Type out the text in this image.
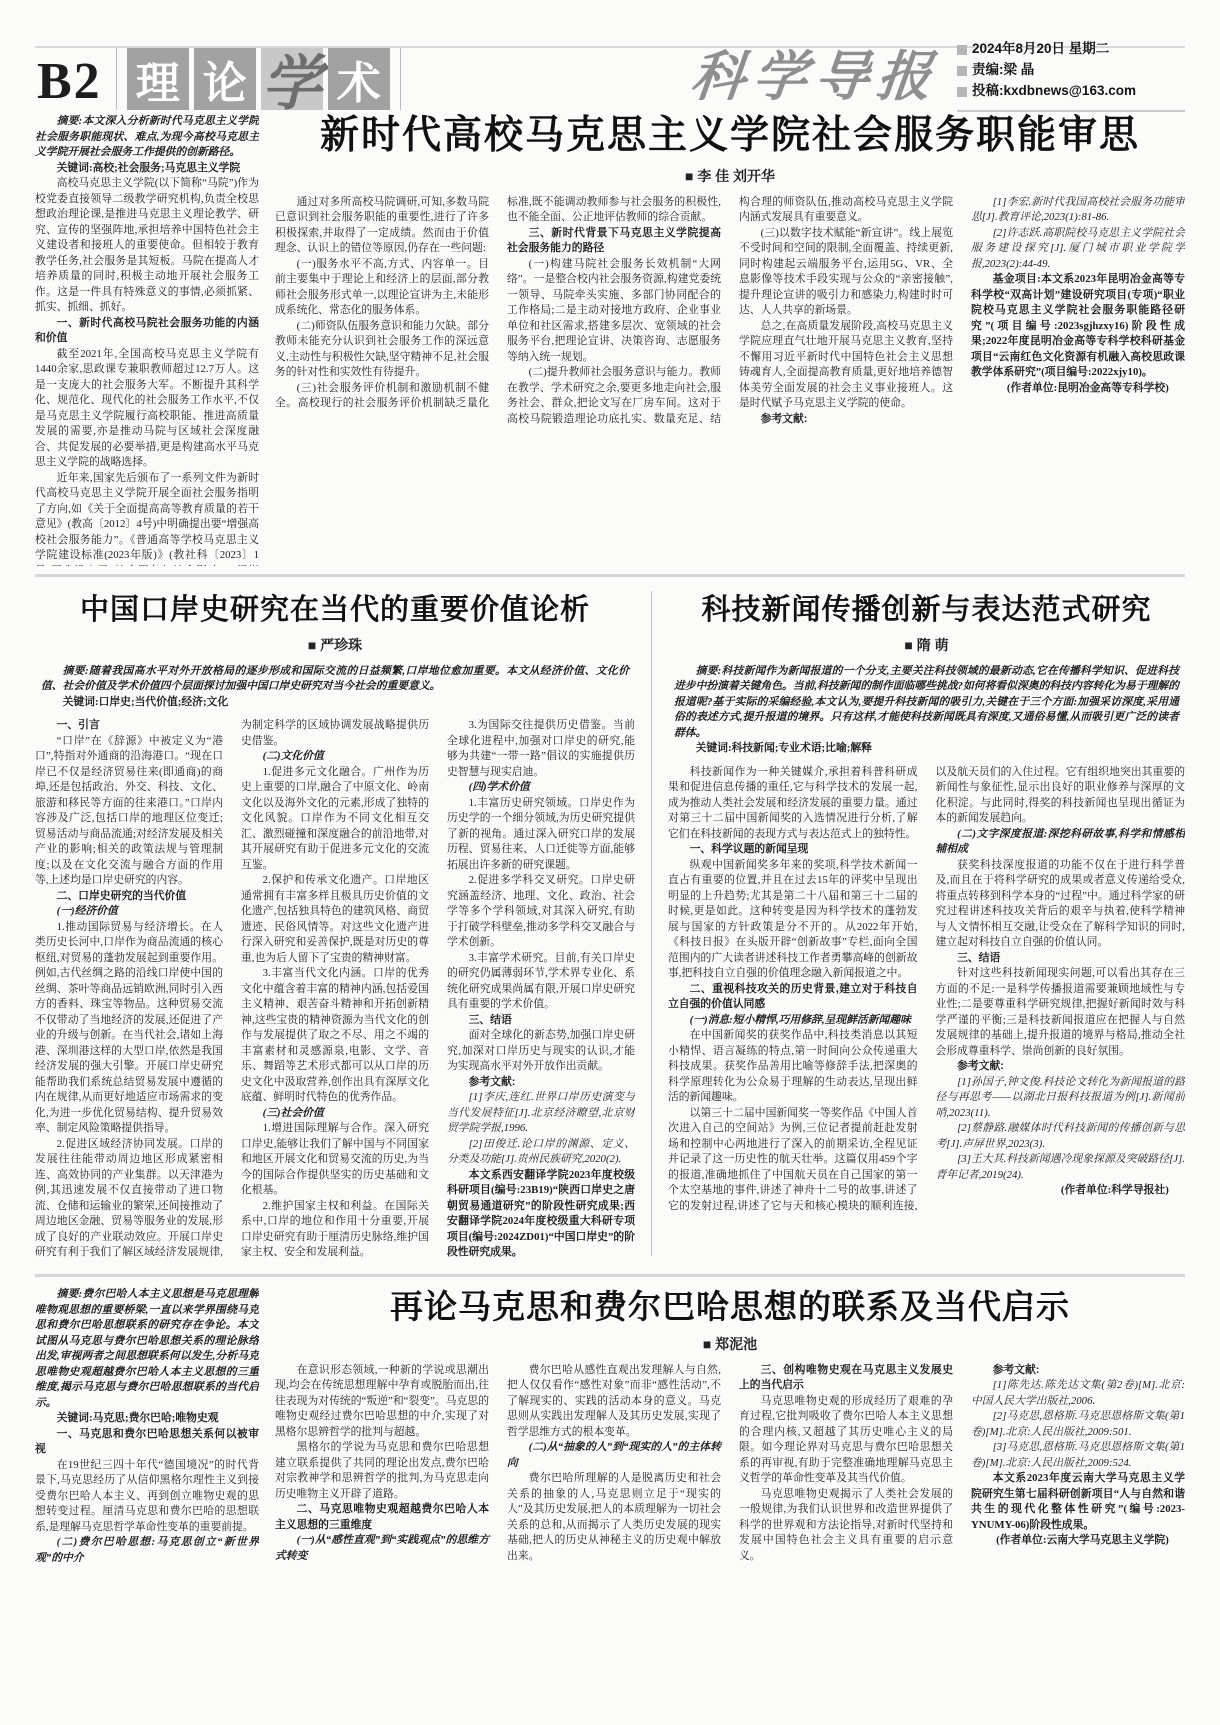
B2 理 论 学 术	科学导报 2024年8月20日 星期二
责编:梁 晶
投稿:kxdbnews@163.com

摘要:本文深入分析新时代马克思主义学院社会服务职能现状、难点,为现今高校马克思主义学院开展社会服务工作提供的创新路径。

关键词:高校;社会服务;马克思主义学院

高校马克思主义学院(以下简称“马院”)作为校党委直接领导二级教学研究机构,负责全校思想政治理论课,是推进马克思主义理论教学、研究、宣传的坚强阵地,承担培养中国特色社会主义建设者和接班人的重要使命。但相较于教育教学任务,社会服务是其短板。马院在提高人才培养质量的同时,积极主动地开展社会服务工作。这是一件具有特殊意义的事情,必须抓紧、抓实、抓细、抓好。

一、新时代高校马院社会服务功能的内涵和价值

截至2021年,全国高校马克思主义学院有1440余家,思政课专兼职教师超过12.7万人。这是一支庞大的社会服务大军。不断提升其科学化、规范化、现代化的社会服务工作水平,不仅是马克思主义学院履行高校职能、推进高质量发展的需要,亦是推动马院与区域社会深度融合、共促发展的必要举措,更是构建高水平马克思主义学院的战略选择。

近年来,国家先后颁布了一系列文件为新时代高校马克思主义学院开展全面社会服务指明了方向,如《关于全面提高高等教育质量的若干意见》(教高〔2012〕4号)中明确提出要“增强高校社会服务能力”。《普通高等学校马克思主义学院建设标准(2023年版)》(教社科〔2023〕1

新时代高校马克思主义学院社会服务职能审思
■ 李 佳 刘开华

通过对多所高校马院调研,可知,多数马院已意识到社会服务职能的重要性,进行了许多积极探索,并取得了一定成绩。然而由于价值理念、认识上的错位等原因,仍存在一些问题:

(一)服务水平不高,方式、内容单一。目前主要集中于理论上和经济上的层面,部分教师社会服务形式单一,以理论宣讲为主,未能形成系统化、常态化的服务体系。

(二)师资队伍服务意识和能力欠缺。部分教师未能充分认识到社会服务工作的深远意义,主动性与积极性欠缺,坚守精神不足,社会服务的针对性和实效性有待提升。

(三)社会服务评价机制和激励机制不健全。高校现行的社会服务评价机制缺乏量化标准,既不能调动教师参与社会服务的积极性,也不能全面、公正地评估教师的综合贡献。

三、新时代背景下马克思主义学院提高社会服务能力的路径

(一)构建马院社会服务长效机制“大网络”。一是整合校内社会服务资源,构建党委统一领导、马院牵头实施、多部门协同配合的工作格局;二是主动对接地方政府、企业事业单位和社区需求,搭建多层次、宽领域的社会服务平台,把理论宣讲、决策咨询、志愿服务等纳入统一规划。

(二)提升教师社会服务意识与能力。教师在教学、学术研究之余,要更多地走向社会,服务社会、群众,把论文写在厂房车间。这对于高校马院锻造理论功底扎实、数量充足、结构合理的师资队伍,推动高校马克思主义学院内涵式发展具有重要意义。

(三)以数字技术赋能“新宣讲”。线上展览不受时间和空间的限制,全面覆盖、持续更新,同时构建起云端服务平台,运用5G、VR、全息影像等技术手段实现与公众的“亲密接触”,提升理论宣讲的吸引力和感染力,构建时时可达、人人共享的新场景。

总之,在高质量发展阶段,高校马克思主义学院应理直气壮地开展马克思主义教育,坚持不懈用习近平新时代中国特色社会主义思想铸魂育人,全面提高教育质量,更好地培养德智体美劳全面发展的社会主义事业接班人。这是时代赋予马克思主义学院的使命。

参考文献:

[1]李宏.新时代我国高校社会服务功能审思[J].教育评论,2023(1):81-86.

[2]许志跃.高职院校马克思主义学院社会服务建设探究[J].厦门城市职业学院学报,2023(2):44-49.

基金项目:本文系2023年昆明冶金高等专科学校“双高计划”建设研究项目(专项)“职业院校马克思主义学院社会服务职能路径研究”(项目编号:2023sgjhzxy16)阶段性成果;2022年度昆明冶金高等专科学校科研基金项目“云南红色文化资源有机融入高校思政课教学体系研究”(项目编号:2022xjy10)。

(作者单位:昆明冶金高等专科学校)

中国口岸史研究在当代的重要价值论析
■ 严珍珠

摘要:随着我国高水平对外开放格局的逐步形成和国际交流的日益频繁,口岸地位愈加重要。本文从经济价值、文化价值、社会价值及学术价值四个层面探讨加强中国口岸史研究对当今社会的重要意义。

关键词:口岸史;当代价值;经济;文化

一、引言

“口岸”在《辞源》中被定义为“港口”,特指对外通商的沿海港口。“现在口岸已不仅是经济贸易往来(即通商)的商埠,还是包括政治、外交、科技、文化、旅游和移民等方面的往来港口。”口岸内容涉及广泛,包括口岸的地理区位变迁;贸易活动与商品流通;对经济发展及相关产业的影响;相关的政策法规与管理制度;以及在文化交流与融合方面的作用等,上述均是口岸史研究的内容。

二、口岸史研究的当代价值

(一)经济价值

1.推动国际贸易与经济增长。在人类历史长河中,口岸作为商品流通的核心枢纽,对贸易的蓬勃发展起到重要作用。例如,古代丝绸之路的沿线口岸使中国的丝绸、茶叶等商品远销欧洲,同时引入西方的香料、珠宝等物品。这种贸易交流不仅带动了当地经济的发展,还促进了产业的升级与创新。在当代社会,诸如上海港、深圳港这样的大型口岸,依然是我国经济发展的强大引擎。开展口岸史研究能帮助我们系统总结贸易发展中遵循的内在规律,从而更好地适应市场需求的变化,为进一步优化贸易结构、提升贸易效率、制定风险策略提供指导。

2.促进区域经济协同发展。口岸的发展往往能带动周边地区形成紧密相连、高效协同的产业集群。以天津港为例,其迅速发展不仅直接带动了进口物流、仓储和运输业的繁荣,还间接推动了周边地区金融、贸易等服务业的发展,形成了良好的产业联动效应。开展口岸史研究有利于我们了解区域经济发展规律,为制定科学的区域协调发展战略提供历史借鉴。

(二)文化价值

1.促进多元文化融合。广州作为历史上重要的口岸,融合了中原文化、岭南文化以及海外文化的元素,形成了独特的文化风貌。口岸作为不同文化相互交汇、激烈碰撞和深度融合的前沿地带,对其开展研究有助于促进多元文化的交流互鉴。

2.保护和传承文化遗产。口岸地区通常拥有丰富多样且极具历史价值的文化遗产,包括独具特色的建筑风格、商贸遗迹、民俗风情等。对这些文化遗产进行深入研究和妥善保护,既是对历史的尊重,也为后人留下了宝贵的精神财富。

3.丰富当代文化内涵。口岸的优秀文化中蕴含着丰富的精神内涵,包括爱国主义精神、艰苦奋斗精神和开拓创新精神,这些宝贵的精神资源为当代文化的创作与发展提供了取之不尽、用之不竭的丰富素材和灵感源泉,电影、文学、音乐、舞蹈等艺术形式都可以从口岸的历史文化中汲取营养,创作出具有深厚文化底蕴、鲜明时代特色的优秀作品。

(三)社会价值

1.增进国际理解与合作。深入研究口岸史,能够让我们了解中国与不同国家和地区开展文化和贸易交流的历史,为当今的国际合作提供坚实的历史基础和文化根基。

2.维护国家主权和利益。在国际关系中,口岸的地位和作用十分重要,开展口岸史研究有助于厘清历史脉络,维护国家主权、安全和发展利益。

3.为国际交往提供历史借鉴。当前全球化进程中,加强对口岸史的研究,能够为共建“一带一路”倡议的实施提供历史智慧与现实启迪。

(四)学术价值

1.丰富历史研究领域。口岸史作为历史学的一个细分领域,为历史研究提供了新的视角。通过深入研究口岸的发展历程、贸易往来、人口迁徙等方面,能够拓展出许多新的研究课题。

2.促进多学科交叉研究。口岸史研究涵盖经济、地理、文化、政治、社会学等多个学科领域,对其深入研究,有助于打破学科壁垒,推动多学科交叉融合与学术创新。

3.丰富学术研究。目前,有关口岸史的研究仍属薄弱环节,学术界专业化、系统化研究成果尚属有限,开展口岸史研究具有重要的学术价值。

三、结语

面对全球化的新态势,加强口岸史研究,加深对口岸历史与现实的认识,才能为实现高水平对外开放作出贡献。

参考文献:

[1]李庆,连红.世界口岸历史演变与当代发展特征[J].北京经济瞭望,北京财贸学院学报,1996.

[2]田俊迁.论口岸的渊源、定义、分类及功能[J].贵州民族研究,2020(2).

本文系西安翻译学院2023年度校级科研项目(编号:23B19)“陕西口岸史之唐朝贸易通道研究”的阶段性研究成果;西安翻译学院2024年度校级重大科研专项项目(编号:2024ZD01)“中国口岸史”的阶段性研究成果。

科技新闻传播创新与表达范式研究
■ 隋 萌

摘要:科技新闻作为新闻报道的一个分支,主要关注科技领域的最新动态,它在传播科学知识、促进科技进步中扮演着关键角色。当前,科技新闻的制作面临哪些挑战?如何将看似深奥的科技内容转化为易于理解的报道呢?基于实际的采编经验,本文认为,要提升科技新闻的吸引力,关键在于三个方面:加强采访深度,采用通俗的表述方式,提升报道的境界。只有这样,才能使科技新闻既具有深度,又通俗易懂,从而吸引更广泛的读者群体。

关键词:科技新闻;专业术语;比喻;解释

科技新闻作为一种关键媒介,承担着科普科研成果和促进信息传播的重任,它与科学技术的发展一起,成为推动人类社会发展和经济发展的重要力量。通过对第三十二届中国新闻奖的入选情况进行分析,了解它们在科技新闻的表现方式与表达范式上的独特性。

一、科学议题的新闻呈现

纵观中国新闻奖多年来的奖项,科学技术新闻一直占有重要的位置,并且在过去15年的评奖中呈现出明显的上升趋势;尤其是第二十八届和第三十二届的时候,更是如此。这种转变是因为科学技术的蓬勃发展与国家的方针政策是分不开的。从2022年开始,《科技日报》在头版开辟“创新故事”专栏,面向全国范围内的广大读者讲述科技工作者勇攀高峰的创新故事,把科技自立自强的价值理念融入新闻报道之中。

二、重视科技攻关的历史背景,建立对于科技自立自强的价值认同感

(一)消息:短小精悍,巧用修辞,呈现鲜活新闻趣味

在中国新闻奖的获奖作品中,科技类消息以其短小精悍、语言凝练的特点,第一时间向公众传递重大科技成果。获奖作品善用比喻等修辞手法,把深奥的科学原理转化为公众易于理解的生动表达,呈现出鲜活的新闻趣味。

以第三十二届中国新闻奖一等奖作品《中国人首次进入自己的空间站》为例,三位记者提前赶赴发射场和控制中心两地进行了深入的前期采访,全程见证并记录了这一历史性的航天壮举。这篇仅用459个字的报道,准确地抓住了中国航天员在自己国家的第一个太空基地的事件,讲述了神舟十二号的故事,讲述了它的发射过程,讲述了它与天和核心模块的顺利连接,以及航天员们的入住过程。它有组织地突出其重要的新闻性与象征性,显示出良好的职业修养与深厚的文化积淀。与此同时,得奖的科技新闻也呈现出循证为本的新闻发展趋向。

(二)文字深度报道:深挖科研故事,科学和情感相辅相成

获奖科技深度报道的功能不仅在于进行科学普及,而且在于将科学研究的成果或者意义传递给受众,将重点转移到科学本身的“过程”中。通过科学家的研究过程讲述科技攻关背后的艰辛与执着,使科学精神与人文情怀相互交融,让受众在了解科学知识的同时,建立起对科技自立自强的价值认同。

三、结语

针对这些科技新闻现实问题,可以看出其存在三方面的不足:一是科学传播报道需要兼顾地域性与专业性;二是要尊重科学研究规律,把握好新闻时效与科学严谨的平衡;三是科技新闻报道应在把握人与自然发展规律的基础上,提升报道的境界与格局,推动全社会形成尊重科学、崇尚创新的良好氛围。

参考文献:

[1]孙国子,钟文俊.科技论文转化为新闻报道的路径与再思考——以湖北日报科技报道为例[J].新闻前哨,2023(11).

[2]蔡静路.融媒体时代科技新闻的传播创新与思考[J].声屏世界,2023(3).

[3]王大其.科技新闻遇冷现象探源及突破路径[J].青年记者,2019(24).

(作者单位:科学导报社)

摘要:费尔巴哈人本主义思想是马克思理解唯物观思想的重要桥梁,一直以来学界围绕马克思和费尔巴哈思想联系的研究存在争论。本文试图从马克思与费尔巴哈思想关系的理论脉络出发,审视两者之间思想联系何以发生,分析马克思唯物史观超越费尔巴哈人本主义思想的三重维度,揭示马克思与费尔巴哈思想联系的当代启示。

关键词:马克思;费尔巴哈;唯物史观

一、马克思和费尔巴哈思想关系何以被审视

在19世纪三四十年代“德国境况”的时代背景下,马克思经历了从信仰黑格尔理性主义到接受费尔巴哈人本主义、再到创立唯物史观的思想转变过程。厘清马克思和费尔巴哈的思想联系,是理解马克思哲学革命性变革的重要前提。

(二)费尔巴哈思想:马克思创立“新世界观”的中介

再论马克思和费尔巴哈思想的联系及当代启示
■ 郑泥池

在意识形态领域,一种新的学说或思潮出现,均会在传统思想理解中孕育或脱胎而出,往往表现为对传统的“叛逆”和“裂变”。马克思的唯物史观经过费尔巴哈思想的中介,实现了对黑格尔思辨哲学的批判与超越。

黑格尔的学说为马克思和费尔巴哈思想建立联系提供了共同的理论出发点,费尔巴哈对宗教神学和思辨哲学的批判,为马克思走向历史唯物主义开辟了道路。

二、马克思唯物史观超越费尔巴哈人本主义思想的三重维度

(一)从“感性直观”到“实践观点”的思维方式转变

费尔巴哈从感性直观出发理解人与自然,把人仅仅看作“感性对象”而非“感性活动”,不了解现实的、实践的活动本身的意义。马克思则从实践出发理解人及其历史发展,实现了哲学思维方式的根本变革。

(二)从“抽象的人”到“现实的人”的主体转向

费尔巴哈所理解的人是脱离历史和社会关系的抽象的人,马克思则立足于“现实的人”及其历史发展,把人的本质理解为一切社会关系的总和,从而揭示了人类历史发展的现实基础,把人的历史从神秘主义的历史观中解放出来。

三、创构唯物史观在马克思主义发展史上的当代启示

马克思唯物史观的形成经历了艰难的孕育过程,它批判吸收了费尔巴哈人本主义思想的合理内核,又超越了其历史唯心主义的局限。如今理论界对马克思与费尔巴哈思想关系的再审视,有助于完整准确地理解马克思主义哲学的革命性变革及其当代价值。

马克思唯物史观揭示了人类社会发展的一般规律,为我们认识世界和改造世界提供了科学的世界观和方法论指导,对新时代坚持和发展中国特色社会主义具有重要的启示意义。

参考文献:

[1]陈先达.陈先达文集(第2卷)[M].北京:中国人民大学出版社,2006.

[2]马克思,恩格斯.马克思恩格斯文集(第1卷)[M].北京:人民出版社,2009:501.

[3]马克思,恩格斯.马克思恩格斯文集(第1卷)[M].北京:人民出版社,2009:524.

本文系2023年度云南大学马克思主义学院研究生第七届科研创新项目“人与自然和谐共生的现代化整体性研究”(编号:2023-YNUMY-06)阶段性成果。

(作者单位:云南大学马克思主义学院)
